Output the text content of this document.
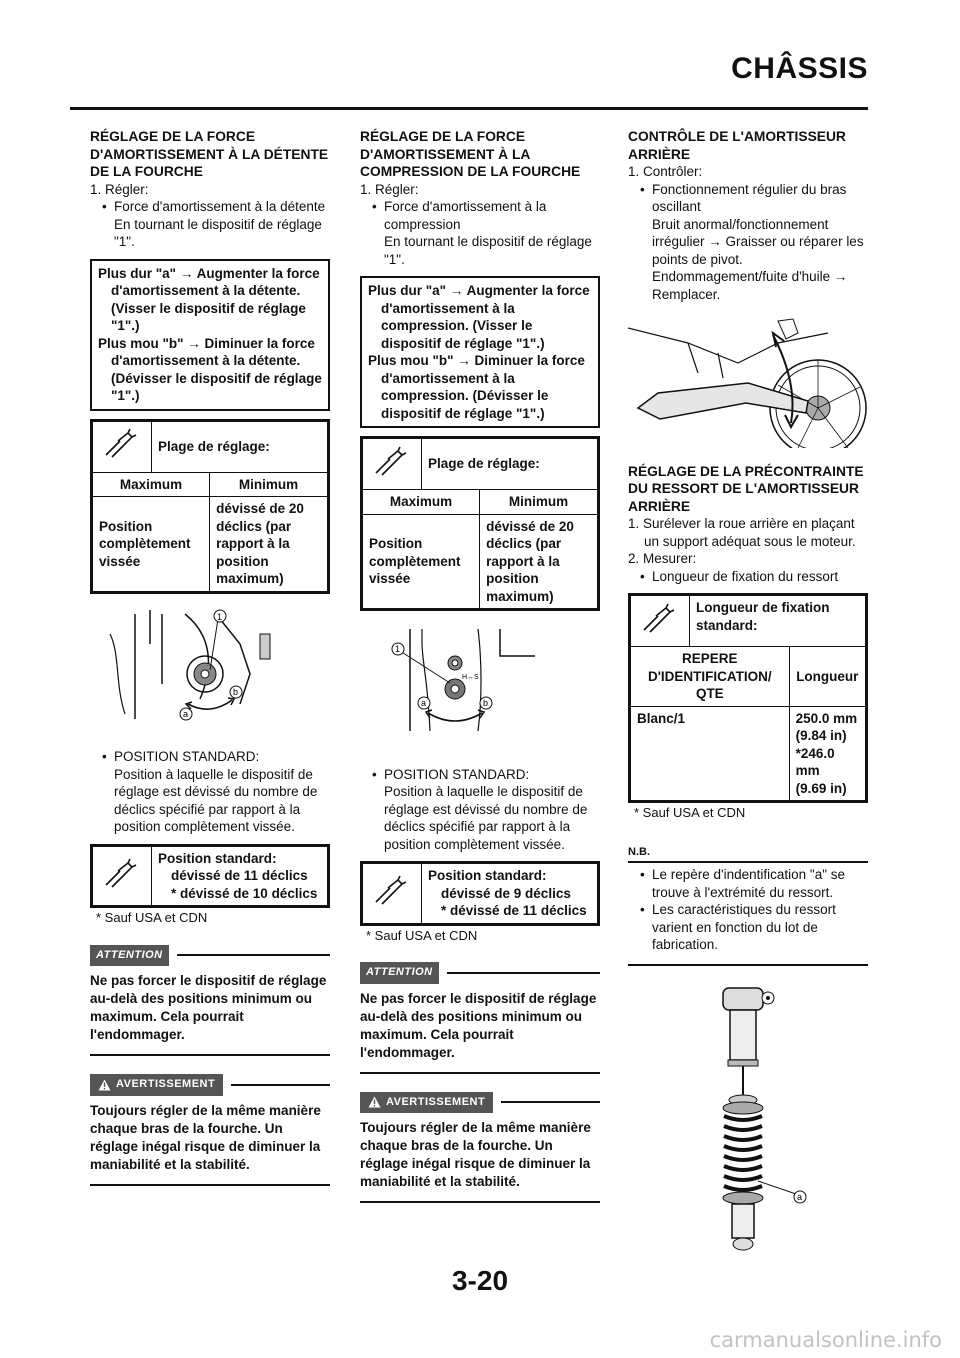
CHÂSSIS
RÉGLAGE DE LA FORCE D'AMORTISSEMENT À LA DÉTENTE DE LA FOURCHE
1. Régler:
• Force d'amortissement à la détente
En tournant le dispositif de réglage "1".
Plus dur "a" → Augmenter la force d'amortissement à la détente. (Visser le dispositif de réglage "1".)
Plus mou "b" → Diminuer la force d'amortissement à la détente. (Dévisser le dispositif de réglage "1".)
	Plage de réglage:	
Maximum		Minimum
Position complètement vissée		dévissé de 20 déclics (par rapport à la position maximum)
1
a
b
• POSITION STANDARD:
Position à laquelle le dispositif de réglage est dévissé du nombre de déclics spécifié par rapport à la position complètement vissée.

Position standard:
dévissé de 11 déclics
* dévissé de 10 déclics
* Sauf USA et CDN
ATTENTION
Ne pas forcer le dispositif de réglage au-delà des positions minimum ou maximum. Cela pourrait l'endommager.
AVERTISSEMENT
Toujours régler de la même manière chaque bras de la fourche. Un réglage inégal risque de diminuer la maniabilité et la stabilité.
RÉGLAGE DE LA FORCE D'AMORTISSEMENT À LA COMPRESSION DE LA FOURCHE
1. Régler:
• Force d'amortissement à la compression
En tournant le dispositif de réglage "1".
Plus dur "a" → Augmenter la force d'amortissement à la compression. (Visser le dispositif de réglage "1".)
Plus mou "b" → Diminuer la force d'amortissement à la compression. (Dévisser le dispositif de réglage "1".)
	Plage de réglage:	
Maximum		Minimum
Position complètement vissée		dévissé de 20 déclics (par rapport à la position maximum)
H↔S
1
a	b
• POSITION STANDARD:
Position à laquelle le dispositif de réglage est dévissé du nombre de déclics spécifié par rapport à la position complètement vissée.

Position standard:
dévissé de 9 déclics
* dévissé de 11 déclics
* Sauf USA et CDN
ATTENTION
Ne pas forcer le dispositif de réglage au-delà des positions minimum ou maximum. Cela pourrait l'endommager.
AVERTISSEMENT
Toujours régler de la même manière chaque bras de la fourche. Un réglage inégal risque de diminuer la maniabilité et la stabilité.
CONTRÔLE DE L'AMORTISSEUR ARRIÈRE
1. Contrôler:
• Fonctionnement régulier du bras oscillant
Bruit anormal/fonctionnement irrégulier → Graisser ou réparer les points de pivot.
Endommagement/fuite d'huile → Remplacer.
RÉGLAGE DE LA PRÉCONTRAINTE DU RESSORT DE L'AMORTISSEUR ARRIÈRE
1. Surélever la roue arrière en plaçant un support adéquat sous le moteur.
2. Mesurer:
• Longueur de fixation du ressort
	Longueur de fixation standard:	
REPERE D'IDENTIFICATION/ QTE		Longueur
Blanc/1		250.0 mm
(9.84 in)
*246.0 mm
(9.69 in)
* Sauf USA et CDN
N.B.
• Le repère d'indentification "a" se trouve à l'extrémité du ressort.
• Les caractéristiques du ressort varient en fonction du lot de fabrication.
a
3-20
carmanualsonline.info
